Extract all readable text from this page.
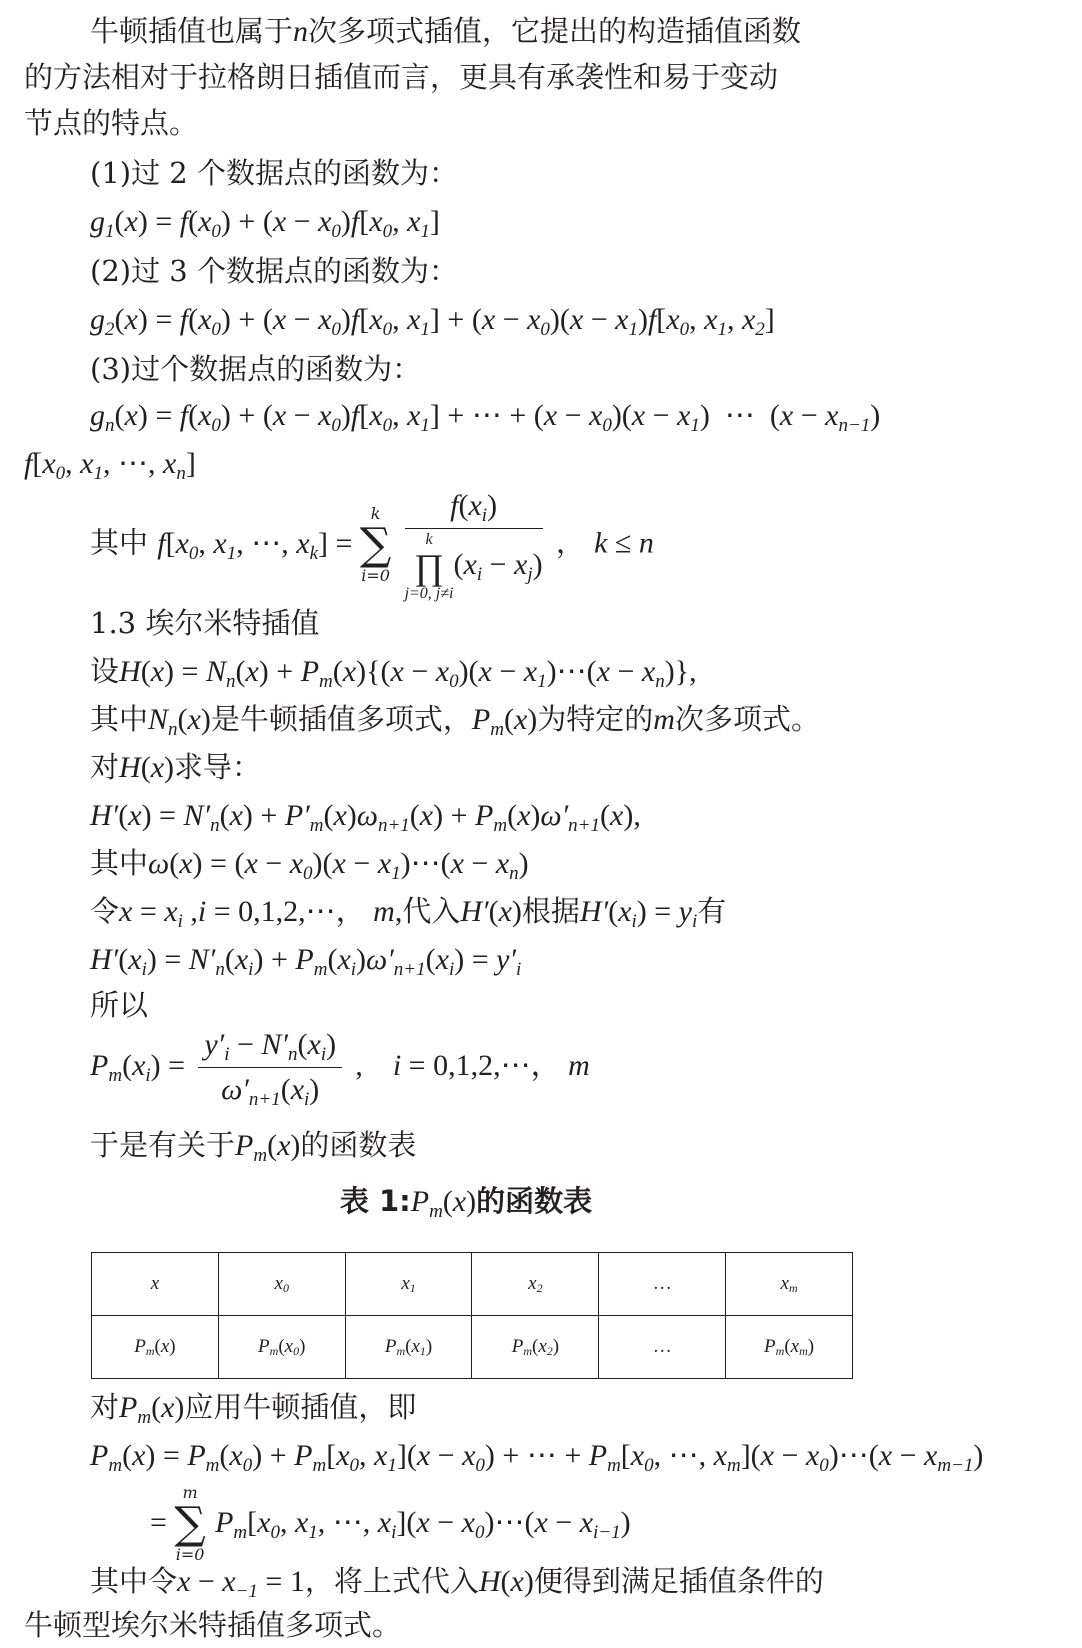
牛顿插值也属于n次多项式插值，它提出的构造插值函数
的方法相对于拉格朗日插值而言，更具有承袭性和易于变动
节点的特点。
(1)过 2 个数据点的函数为：
$g_1(x) = f(x_0) + (x - x_0)f[x_0$, $x_1$]
(2)过 3 个数据点的函数为：
$g_2(x) = f(x_0) + (x - x_0)f[x_0$, $x_1] + (x - x_0)(x - x_1)f[x_0$, $x_1$, $x_2$]
(3)过个数据点的函数为：
$g_n(x) = f(x_0) + (x - x_0)f[x_0$, $x_1$] + ⋯ + $(x - x_0)(x - x_1)$  ⋯  $(x - x_{n-1})$
$f[x_0$, $x_1$, ⋯, $x_n$]
其中 $f[x_0$, $x_1$, ⋯, $x_k$] =
k
∑
i=0
$f(x_i)$
k
∏
j=0, j≠i
$(x_i - x_j)$ ， k ≤ n
1.3 埃尔米特插值
设$H(x) = N_n(x) + P_m(x)\{(x - x_0)(x$ − $x_1)\cdots(x - x_n)$},
其中$N_n(x)$是牛顿插值多项式，$P_m(x)$为特定的m次多项式。
对H(x)求导：
$H'(x) = N'_n(x) + P'_m(x)\omega_{n+1}(x) + P_m(x)\omega'_{n+1}(x)$,
其中$\omega(x) = (x - x_0)(x$ − $x_1)\cdots(x - x_n)$
令$x = x_i$ ,i = 0,1,2,⋯， m,代入H′(x)根据$H'(x_i) = y_i$有
$H'(x_i) = N'_n(x_i) + P_m(x_i)\omega'_{n+1}(x_i) = y'_i$
所以
$P_m(x_i) = \frac{y'_i - N'_n(x_i)}{\omega'_{n+1}(x_i)}$ ,    i = 0,1,2,⋯， m
于是有关于$P_m(x)$的函数表
表 $1:P_m(x)$的函数表
x	$x_0$	$x_1$	$x_2$	…	$x_m$
$P_m(x)$	$P_m(x_0)$	$P_m(x_1)$	$P_m(x_2)$	…	$P_m(x_m)$
对$P_m(x)$应用牛顿插值，即
$P_m(x) = P_m(x_0) + P_m[x_0$, $x_1](x - x_0)$ + ⋯ + $P_m[x_0$, ⋯, $x_m](x$ − $x_0)\cdots(x - x_{m-1})$
=
m
∑
i=0
$P_m[x_0$, $x_1$, ⋯, $x_i](x$ − $x_0)\cdots(x - x_{i-1})$
其中令$x - x_{-1} = 1$，将上式代入H(x)便得到满足插值条件的
牛顿型埃尔米特插值多项式。
